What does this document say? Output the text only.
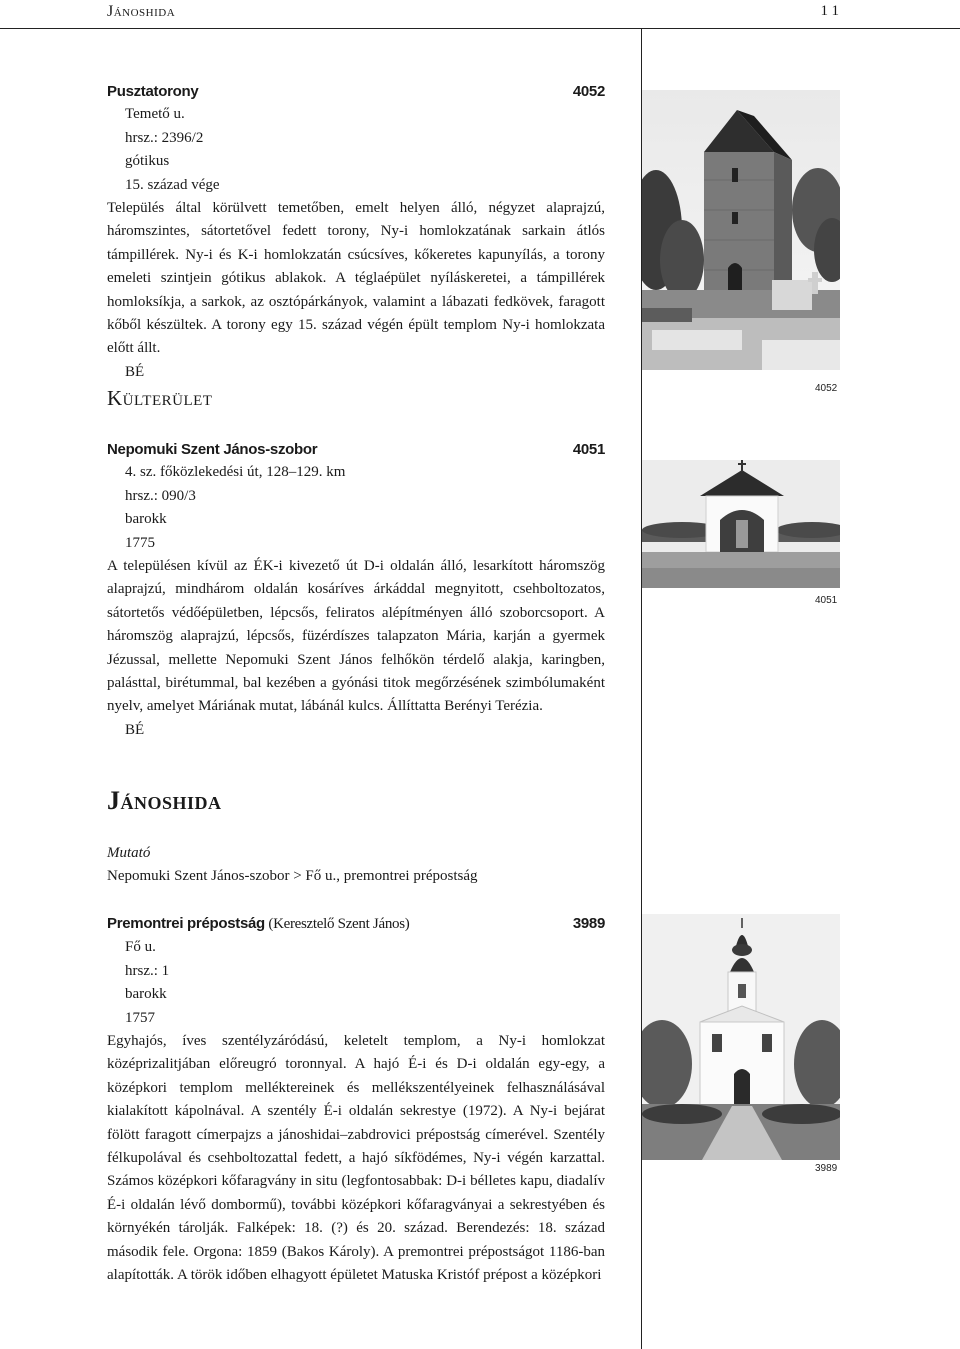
Jánoshida	11
Pusztatorony	4052
Temető u.
hrsz.: 2396/2
gótikus
15. század vége

Település által körülvett temetőben, emelt helyen álló, négyzet alaprajzú, háromszintes, sátortetővel fedett torony, Ny-i homlokzatának sarkain átlós támpillérek. Ny-i és K-i homlokzatán csúcsíves, kőkeretes kapunyílás, a torony emeleti szintjein gótikus ablakok. A téglaépület nyíláskeretei, a támpillérek homloksíkja, a sarkok, az osztópárkányok, valamint a lábazati fedkövek, faragott kőből készültek. A torony egy 15. század végén épült templom Ny-i homlokzata előtt állt.

BÉ
Külterület
Nepomuki Szent János-szobor	4051
4. sz. főközlekedési út, 128–129. km
hrsz.: 090/3
barokk
1775

A településen kívül az ÉK-i kivezető út D-i oldalán álló, lesarkított háromszög alaprajzú, mindhárom oldalán kosáríves árkáddal megnyitott, csehboltozatos, sátortetős védőépületben, lépcsős, feliratos alépítményen álló szoborcsoport. A háromszög alaprajzú, lépcsős, füzérdíszes talapzaton Mária, karján a gyermek Jézussal, mellette Nepomuki Szent János felhőkön térdelő alakja, karingben, palásttal, birétummal, bal kezében a gyónási titok megőrzésének szimbólumaként nyelv, amelyet Máriának mutat, lábánál kulcs. Állíttatta Berényi Terézia.

BÉ
Jánoshida
Mutató
Nepomuki Szent János-szobor > Fő u., premontrei prépostság
Premontrei prépostság (Keresztelő Szent János)	3989
Fő u.
hrsz.: 1
barokk
1757

Egyhajós, íves szentélyzáródású, keletelt templom, a Ny-i homlokzat középrizalitjában előreugró toronnyal. A hajó É-i és D-i oldalán egy-egy, a középkori templom melléktereinek és mellékszentélyeinek felhasználásával kialakított kápolnával. A szentély É-i oldalán sekrestye (1972). A Ny-i bejárat fölött faragott címerpajzs a jánoshidai–zabdrovici prépostság címerével. Szentély félkupolával és csehboltozattal fedett, a hajó síkfödémes, Ny-i végén karzattal. Számos középkori kőfaragvány in situ (legfontosabbak: D-i bélletes kapu, diadalív É-i oldalán lévő dombormű), további középkori kőfaragványai a sekrestyében és környékén tárolják. Falképek: 18. (?) és 20. század. Berendezés: 18. század második fele. Orgona: 1859 (Bakos Károly). A premontrei prépostságot 1186-ban alapították. A török időben elhagyott épületet Matuska Kristóf prépost a középkori

4052
4051
3989
